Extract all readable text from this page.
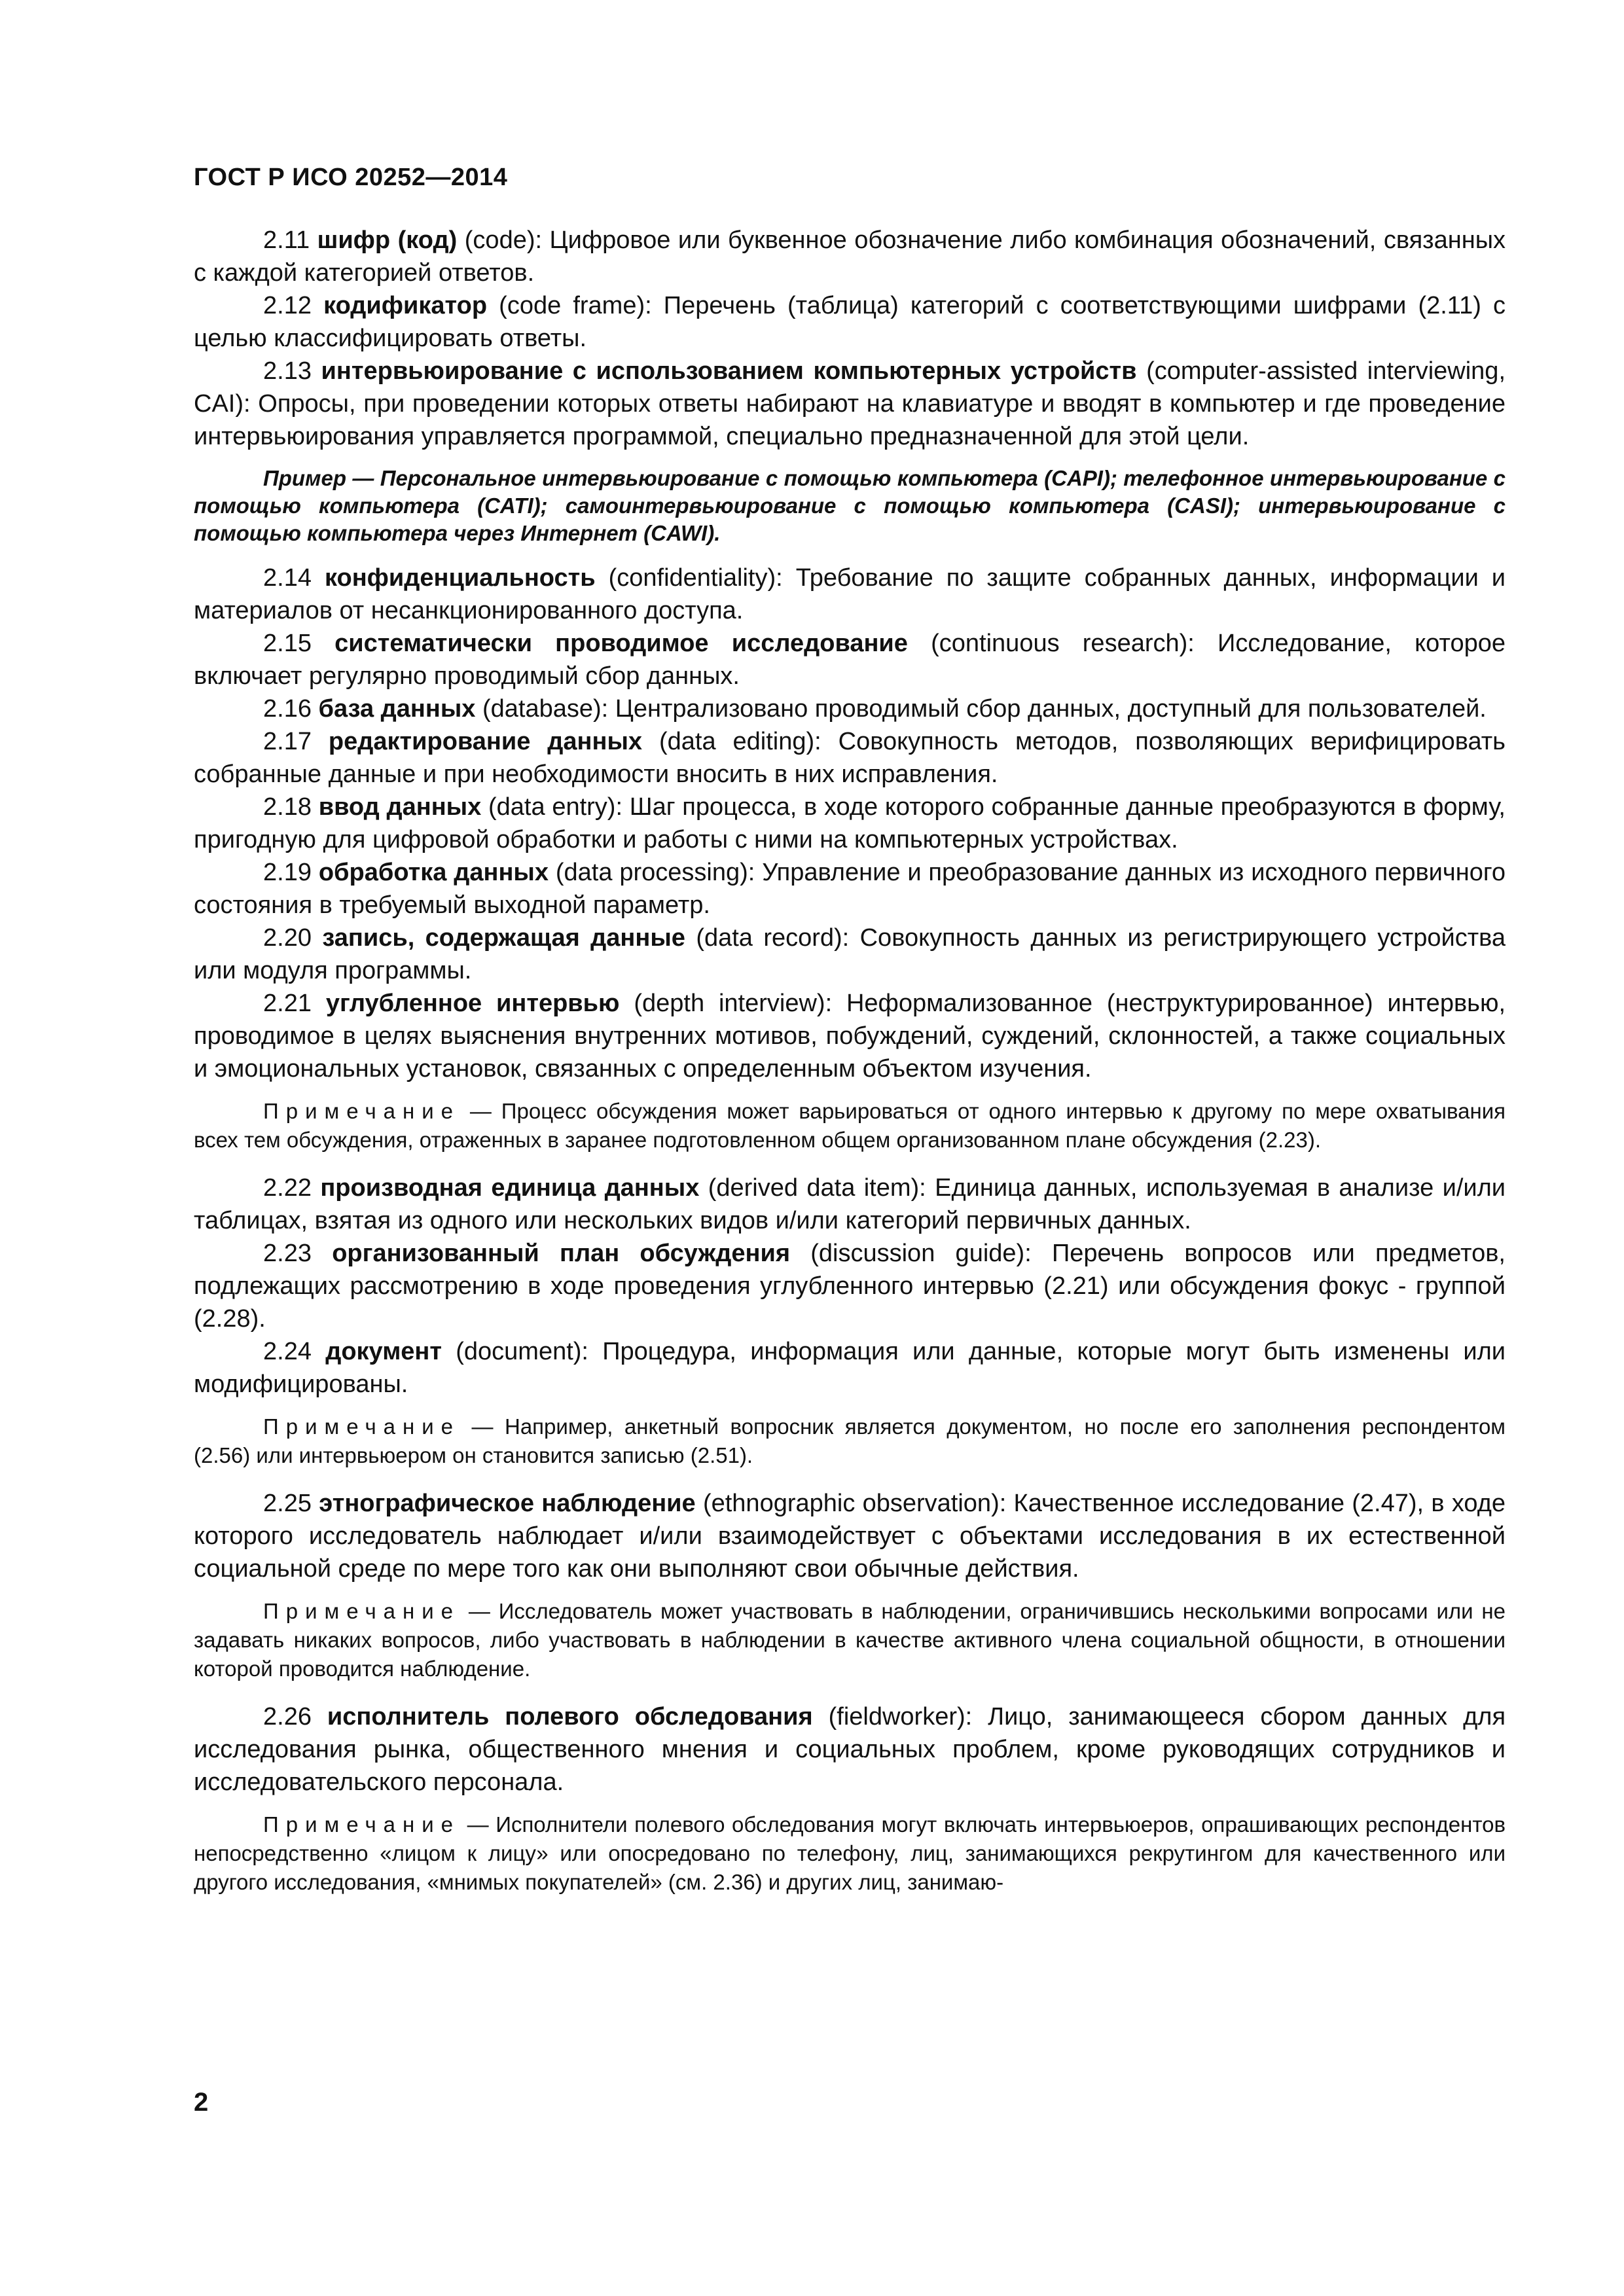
ГОСТ Р ИСО 20252—2014

2.11 шифр (код) (code): Цифровое или буквенное обозначение либо комбинация обозначений, связанных с каждой категорией ответов.

2.12 кодификатор (code frame): Перечень (таблица) категорий с соответствующими шифрами (2.11) с целью классифицировать ответы.

2.13 интервьюирование с использованием компьютерных устройств (computer-assisted interviewing, CAI): Опросы, при проведении которых ответы набирают на клавиатуре и вводят в компьютер и где проведение интервьюирования управляется программой, специально предназначенной для этой цели.

Пример — Персональное интервьюирование с помощью компьютера (CAPI); телефонное интервьюирование с помощью компьютера (CATI); самоинтервьюирование с помощью компьютера (CASI); интервьюирование с помощью компьютера через Интернет (CAWI).

2.14 конфиденциальность (confidentiality): Требование по защите собранных данных, информации и материалов от несанкционированного доступа.

2.15 систематически проводимое исследование (continuous research): Исследование, которое включает регулярно проводимый сбор данных.

2.16 база данных (database): Централизовано проводимый сбор данных, доступный для пользователей.

2.17 редактирование данных (data editing): Совокупность методов, позволяющих верифицировать собранные данные и при необходимости вносить в них исправления.

2.18 ввод данных (data entry): Шаг процесса, в ходе которого собранные данные преобразуются в форму, пригодную для цифровой обработки и работы с ними на компьютерных устройствах.

2.19 обработка данных (data processing): Управление и преобразование данных из исходного первичного состояния в требуемый выходной параметр.

2.20 запись, содержащая данные (data record): Совокупность данных из регистрирующего устройства или модуля программы.

2.21 углубленное интервью (depth interview): Неформализованное (неструктурированное) интервью, проводимое в целях выяснения внутренних мотивов, побуждений, суждений, склонностей, а также социальных и эмоциональных установок, связанных с определенным объектом изучения.

Примечание — Процесс обсуждения может варьироваться от одного интервью к другому по мере охватывания всех тем обсуждения, отраженных в заранее подготовленном общем организованном плане обсуждения (2.23).

2.22 производная единица данных (derived data item): Единица данных, используемая в анализе и/или таблицах, взятая из одного или нескольких видов и/или категорий первичных данных.

2.23 организованный план обсуждения (discussion guide): Перечень вопросов или предметов, подлежащих рассмотрению в ходе проведения углубленного интервью (2.21) или обсуждения фокус - группой (2.28).

2.24 документ (document): Процедура, информация или данные, которые могут быть изменены или модифицированы.

Примечание — Например, анкетный вопросник является документом, но после его заполнения респондентом (2.56) или интервьюером он становится записью (2.51).

2.25 этнографическое наблюдение (ethnographic observation): Качественное исследование (2.47), в ходе которого исследователь наблюдает и/или взаимодействует с объектами исследования в их естественной социальной среде по мере того как они выполняют свои обычные действия.

Примечание — Исследователь может участвовать в наблюдении, ограничившись несколькими вопросами или не задавать никаких вопросов, либо участвовать в наблюдении в качестве активного члена социальной общности, в отношении которой проводится наблюдение.

2.26 исполнитель полевого обследования (fieldworker): Лицо, занимающееся сбором данных для исследования рынка, общественного мнения и социальных проблем, кроме руководящих сотрудников и исследовательского персонала.

Примечание — Исполнители полевого обследования могут включать интервьюеров, опрашивающих респондентов непосредственно «лицом к лицу» или опосредовано по телефону, лиц, занимающихся рекрутингом для качественного или другого исследования, «мнимых покупателей» (см. 2.36) и других лиц, занимаю-

2
